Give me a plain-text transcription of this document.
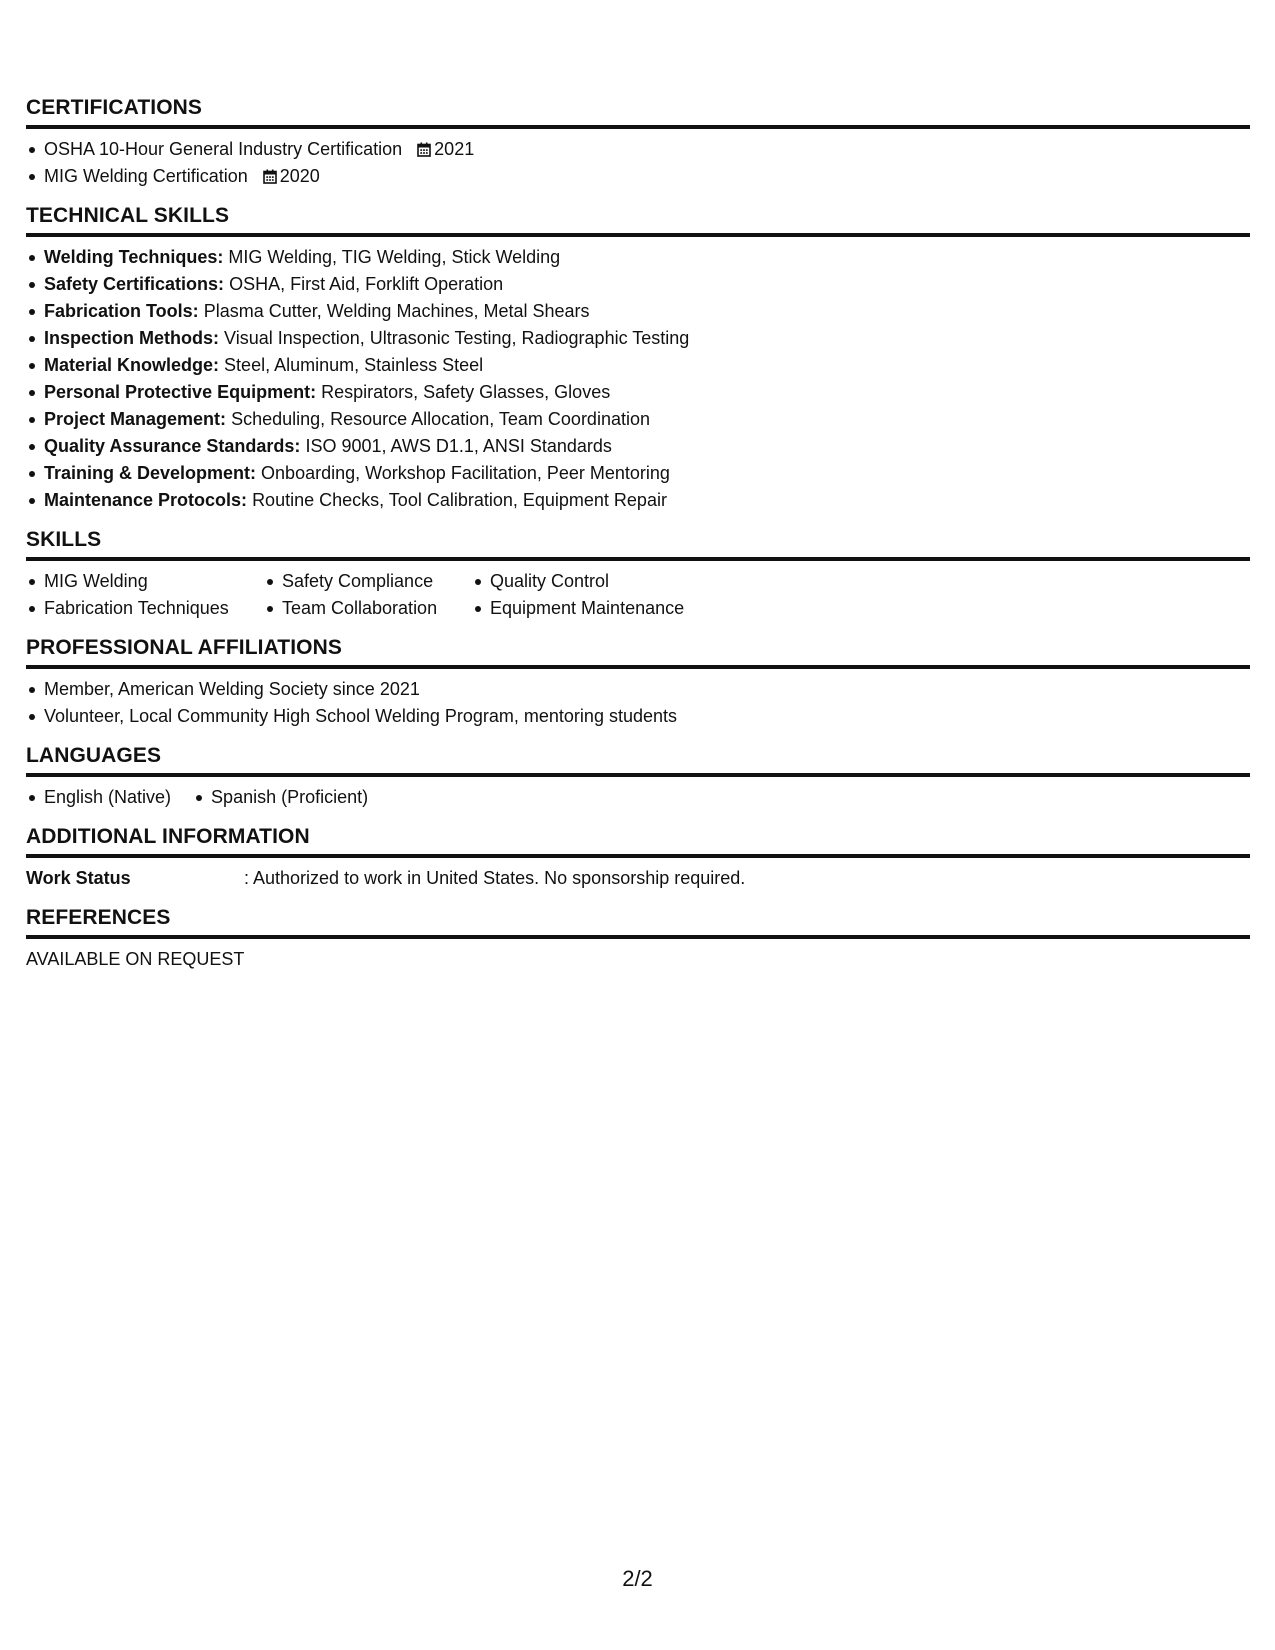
CERTIFICATIONS
OSHA 10-Hour General Industry Certification 2021
MIG Welding Certification 2020
TECHNICAL SKILLS
Welding Techniques: MIG Welding, TIG Welding, Stick Welding
Safety Certifications: OSHA, First Aid, Forklift Operation
Fabrication Tools: Plasma Cutter, Welding Machines, Metal Shears
Inspection Methods: Visual Inspection, Ultrasonic Testing, Radiographic Testing
Material Knowledge: Steel, Aluminum, Stainless Steel
Personal Protective Equipment: Respirators, Safety Glasses, Gloves
Project Management: Scheduling, Resource Allocation, Team Coordination
Quality Assurance Standards: ISO 9001, AWS D1.1, ANSI Standards
Training & Development: Onboarding, Workshop Facilitation, Peer Mentoring
Maintenance Protocols: Routine Checks, Tool Calibration, Equipment Repair
SKILLS
MIG Welding	Safety Compliance	Quality Control
Fabrication Techniques	Team Collaboration	Equipment Maintenance
PROFESSIONAL AFFILIATIONS
Member, American Welding Society since 2021
Volunteer, Local Community High School Welding Program, mentoring students
LANGUAGES
English (Native)	Spanish (Proficient)
ADDITIONAL INFORMATION
Work Status	: Authorized to work in United States. No sponsorship required.
REFERENCES
AVAILABLE ON REQUEST
2/2
